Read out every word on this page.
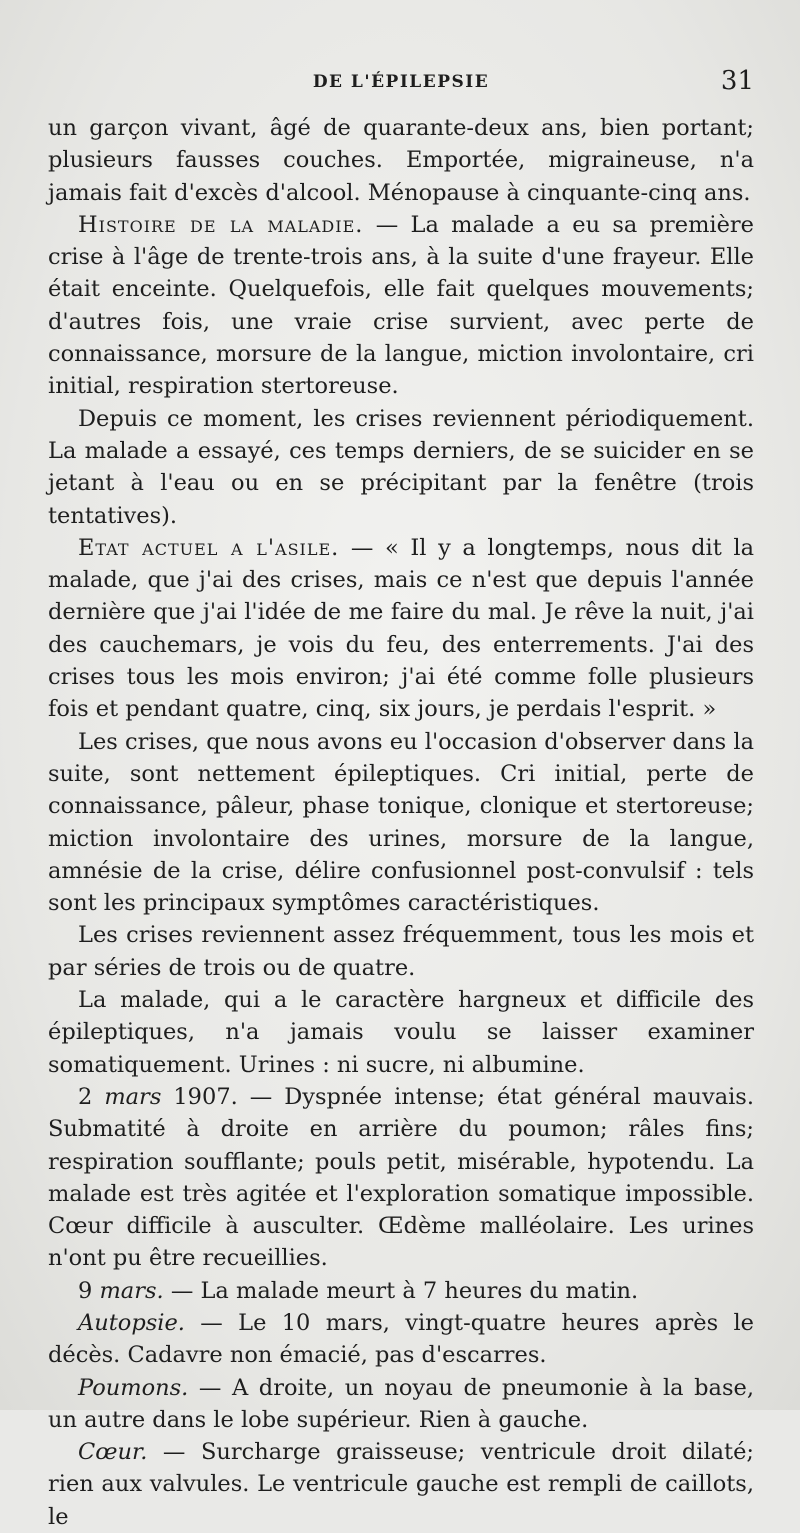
DE L'ÉPILEPSIE	31

un garçon vivant, âgé de quarante-deux ans, bien portant; plusieurs fausses couches. Emportée, migraineuse, n'a jamais fait d'excès d'alcool. Ménopause à cinquante-cinq ans.

Histoire de la maladie. — La malade a eu sa première crise à l'âge de trente-trois ans, à la suite d'une frayeur. Elle était enceinte. Quelquefois, elle fait quelques mouvements; d'autres fois, une vraie crise survient, avec perte de connaissance, morsure de la langue, miction involontaire, cri initial, respiration stertoreuse.

Depuis ce moment, les crises reviennent périodiquement. La malade a essayé, ces temps derniers, de se suicider en se jetant à l'eau ou en se précipitant par la fenêtre (trois tentatives).

Etat actuel a l'asile. — « Il y a longtemps, nous dit la malade, que j'ai des crises, mais ce n'est que depuis l'année dernière que j'ai l'idée de me faire du mal. Je rêve la nuit, j'ai des cauchemars, je vois du feu, des enterrements. J'ai des crises tous les mois environ; j'ai été comme folle plusieurs fois et pendant quatre, cinq, six jours, je perdais l'esprit. »

Les crises, que nous avons eu l'occasion d'observer dans la suite, sont nettement épileptiques. Cri initial, perte de connaissance, pâleur, phase tonique, clonique et stertoreuse; miction involontaire des urines, morsure de la langue, amnésie de la crise, délire confusionnel post-convulsif : tels sont les principaux symptômes caractéristiques.

Les crises reviennent assez fréquemment, tous les mois et par séries de trois ou de quatre.

La malade, qui a le caractère hargneux et difficile des épileptiques, n'a jamais voulu se laisser examiner somatiquement. Urines : ni sucre, ni albumine.

2 mars 1907. — Dyspnée intense; état général mauvais. Submatité à droite en arrière du poumon; râles fins; respiration soufflante; pouls petit, misérable, hypotendu. La malade est très agitée et l'exploration somatique impossible. Cœur difficile à ausculter. Œdème malléolaire. Les urines n'ont pu être recueillies.

9 mars. — La malade meurt à 7 heures du matin.

Autopsie. — Le 10 mars, vingt-quatre heures après le décès. Cadavre non émacié, pas d'escarres.

Poumons. — A droite, un noyau de pneumonie à la base, un autre dans le lobe supérieur. Rien à gauche.

Cœur. — Surcharge graisseuse; ventricule droit dilaté; rien aux valvules. Le ventricule gauche est rempli de caillots, le
